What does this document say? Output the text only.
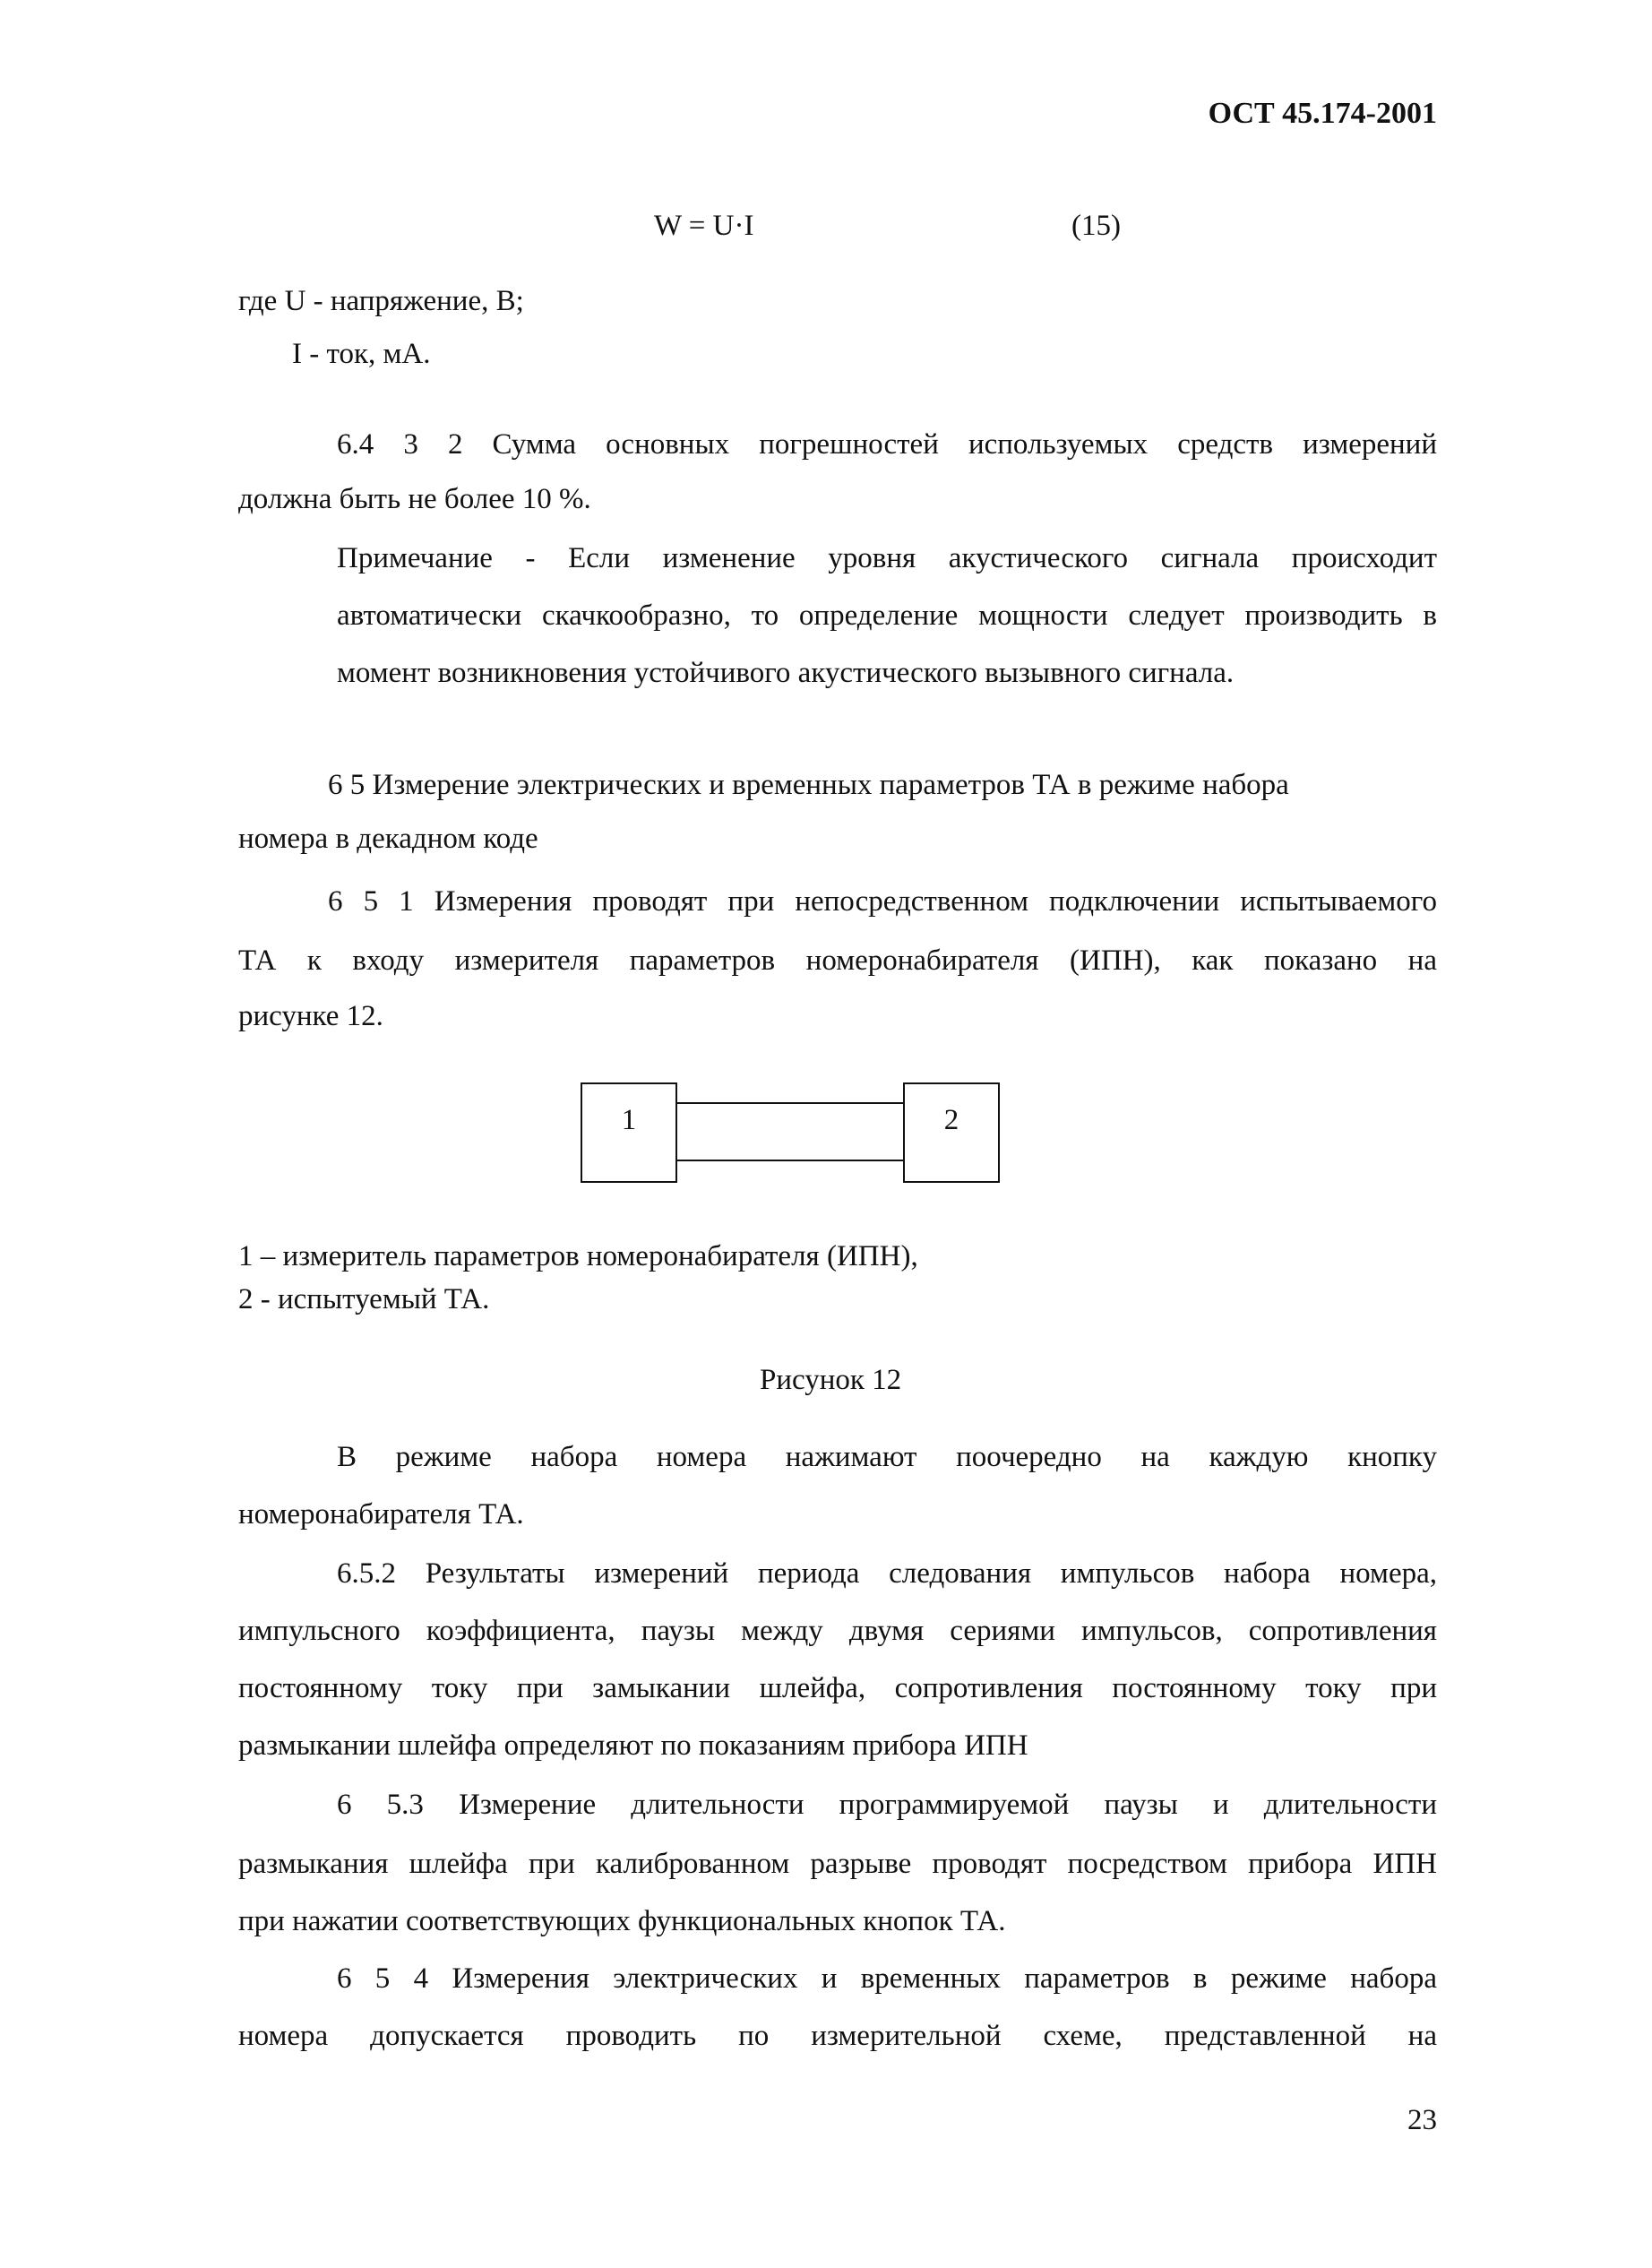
ОСТ 45.174-2001
W = U·I	(15)
где U - напряжение, В;
I - ток, мА.
6.4 3 2 Сумма основных погрешностей используемых средств измерений
должна быть не более 10 %.
Примечание - Если изменение уровня акустического сигнала происходит
автоматически скачкообразно, то определение мощности следует производить в
момент возникновения устойчивого акустического вызывного сигнала.
6 5 Измерение электрических и временных параметров ТА в режиме набора
номера в декадном коде
6 5 1 Измерения проводят при непосредственном подключении испытываемого
ТА к входу измерителя параметров номеронабирателя (ИПН), как показано на
рисунке 12.
1	2
1 – измеритель параметров номеронабирателя (ИПН),
2 - испытуемый ТА.
Рисунок 12
В режиме набора номера нажимают поочередно на каждую кнопку
номеронабирателя ТА.
6.5.2 Результаты измерений периода следования импульсов набора номера,
импульсного коэффициента, паузы между двумя сериями импульсов, сопротивления
постоянному току при замыкании шлейфа, сопротивления постоянному току при
размыкании шлейфа определяют по показаниям прибора ИПН
6 5.3 Измерение длительности программируемой паузы и длительности
размыкания шлейфа при калиброванном разрыве проводят посредством прибора ИПН
при нажатии соответствующих функциональных кнопок ТА.
6 5 4 Измерения электрических и временных параметров в режиме набора
номера допускается проводить по измерительной схеме, представленной на
23
